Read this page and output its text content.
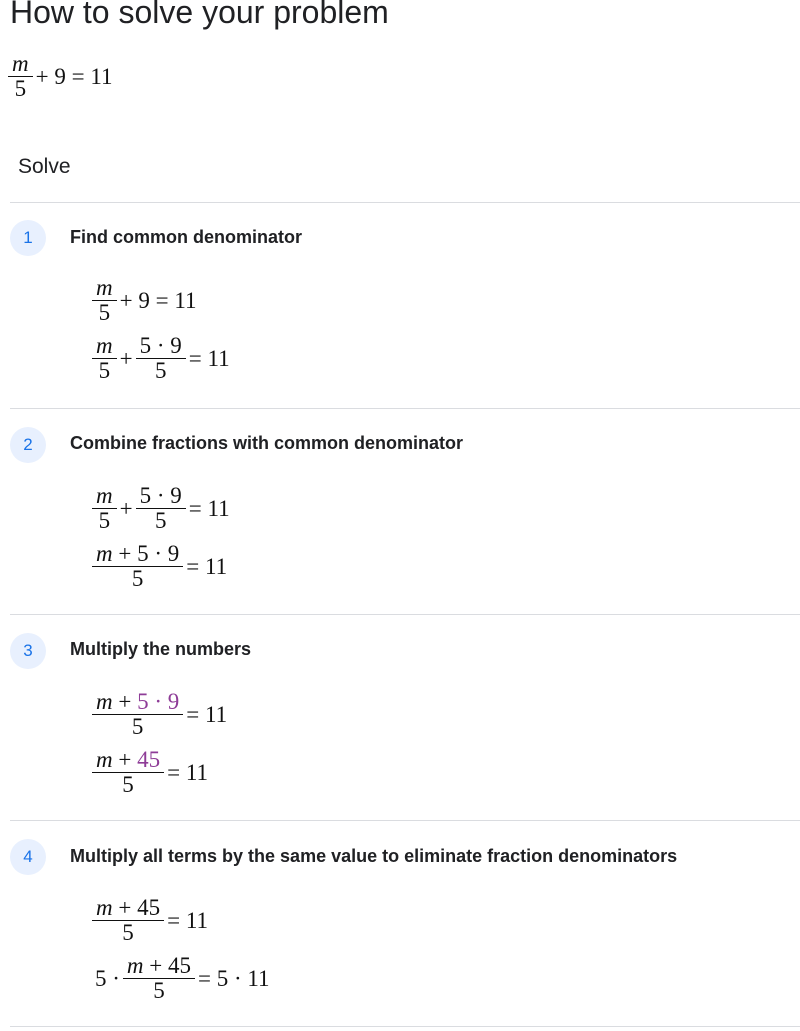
How to solve your problem
$\frac{m}{5} + 9 = 11$
Solve
1	Find common denominator
$\frac{m}{5} + 9 = 11$
$\frac{m}{5} + \frac{5 \cdot 9}{5} = 11$
2	Combine fractions with common denominator
$\frac{m}{5} + \frac{5 \cdot 9}{5} = 11$
$\frac{m + 5 \cdot 9}{5} = 11$
3	Multiply the numbers
$\frac{m + 5 \cdot 9}{5} = 11$
$\frac{m + 45}{5} = 11$
4	Multiply all terms by the same value to eliminate fraction denominators
$\frac{m + 45}{5} = 11$
$5 \cdot \frac{m + 45}{5} = 5 \cdot 11$
